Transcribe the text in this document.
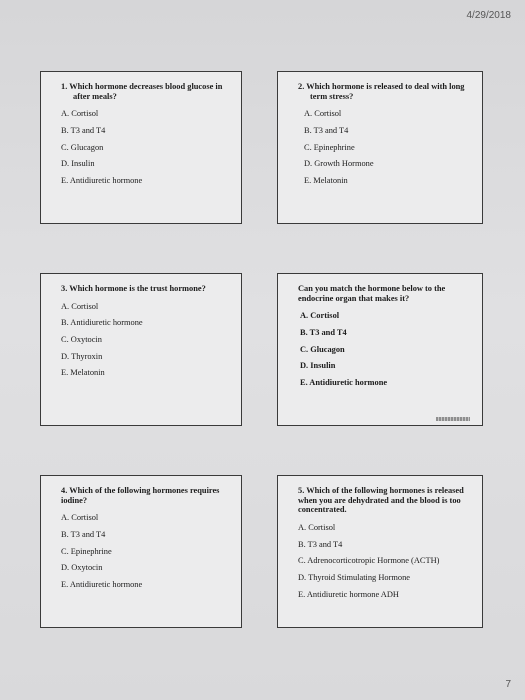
4/29/2018

1. Which hormone decreases blood glucose in after meals?

A. Cortisol
B. T3 and T4
C. Glucagon
D. Insulin
E. Antidiuretic hormone

2. Which hormone is released to deal with long term stress?

A. Cortisol
B. T3 and T4
C. Epinephrine
D. Growth Hormone
E. Melatonin

3. Which hormone is the trust hormone?

A. Cortisol
B. Antidiuretic hormone
C. Oxytocin
D. Thyroxin
E. Melatonin

Can you match the hormone below to the endocrine organ that makes it?

A. Cortisol
B. T3 and T4
C. Glucagon
D. Insulin
E. Antidiuretic hormone

4. Which of the following hormones requires iodine?

A. Cortisol
B. T3 and T4
C. Epinephrine
D. Oxytocin
E. Antidiuretic hormone

5. Which of the following hormones is released when you are dehydrated and the blood is too concentrated.

A. Cortisol
B. T3 and T4
C. Adrenocorticotropic Hormone (ACTH)
D. Thyroid Stimulating Hormone
E. Antidiuretic hormone ADH
7
